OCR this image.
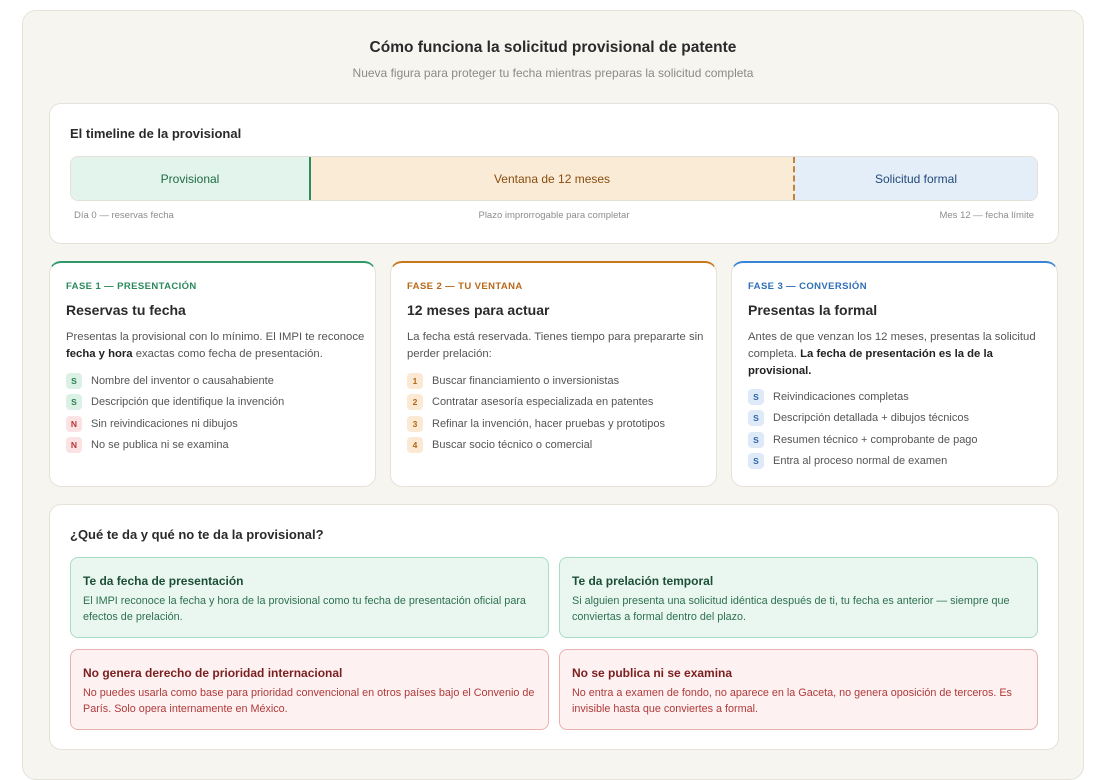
Cómo funciona la solicitud provisional de patente
Nueva figura para proteger tu fecha mientras preparas la solicitud completa
El timeline de la provisional
Provisional	Ventana de 12 meses	Solicitud formal
Día 0 — reservas fecha	Plazo improrrogable para completar	Mes 12 — fecha límite
FASE 1 — PRESENTACIÓN
Reservas tu fecha
Presentas la provisional con lo mínimo. El IMPI te reconoce fecha y hora exactas como fecha de presentación.
S	Nombre del inventor o causahabiente
S	Descripción que identifique la invención
N	Sin reivindicaciones ni dibujos
N	No se publica ni se examina
FASE 2 — TU VENTANA
12 meses para actuar
La fecha está reservada. Tienes tiempo para prepararte sin perder prelación:
1	Buscar financiamiento o inversionistas
2	Contratar asesoría especializada en patentes
3	Refinar la invención, hacer pruebas y prototipos
4	Buscar socio técnico o comercial
FASE 3 — CONVERSIÓN
Presentas la formal
Antes de que venzan los 12 meses, presentas la solicitud completa. La fecha de presentación es la de la provisional.
S	Reivindicaciones completas
S	Descripción detallada + dibujos técnicos
S	Resumen técnico + comprobante de pago
S	Entra al proceso normal de examen
¿Qué te da y qué no te da la provisional?
Te da fecha de presentación
El IMPI reconoce la fecha y hora de la provisional como tu fecha de presentación oficial para efectos de prelación.
Te da prelación temporal
Si alguien presenta una solicitud idéntica después de ti, tu fecha es anterior — siempre que conviertas a formal dentro del plazo.
No genera derecho de prioridad internacional
No puedes usarla como base para prioridad convencional en otros países bajo el Convenio de París. Solo opera internamente en México.
No se publica ni se examina
No entra a examen de fondo, no aparece en la Gaceta, no genera oposición de terceros. Es invisible hasta que conviertes a formal.
